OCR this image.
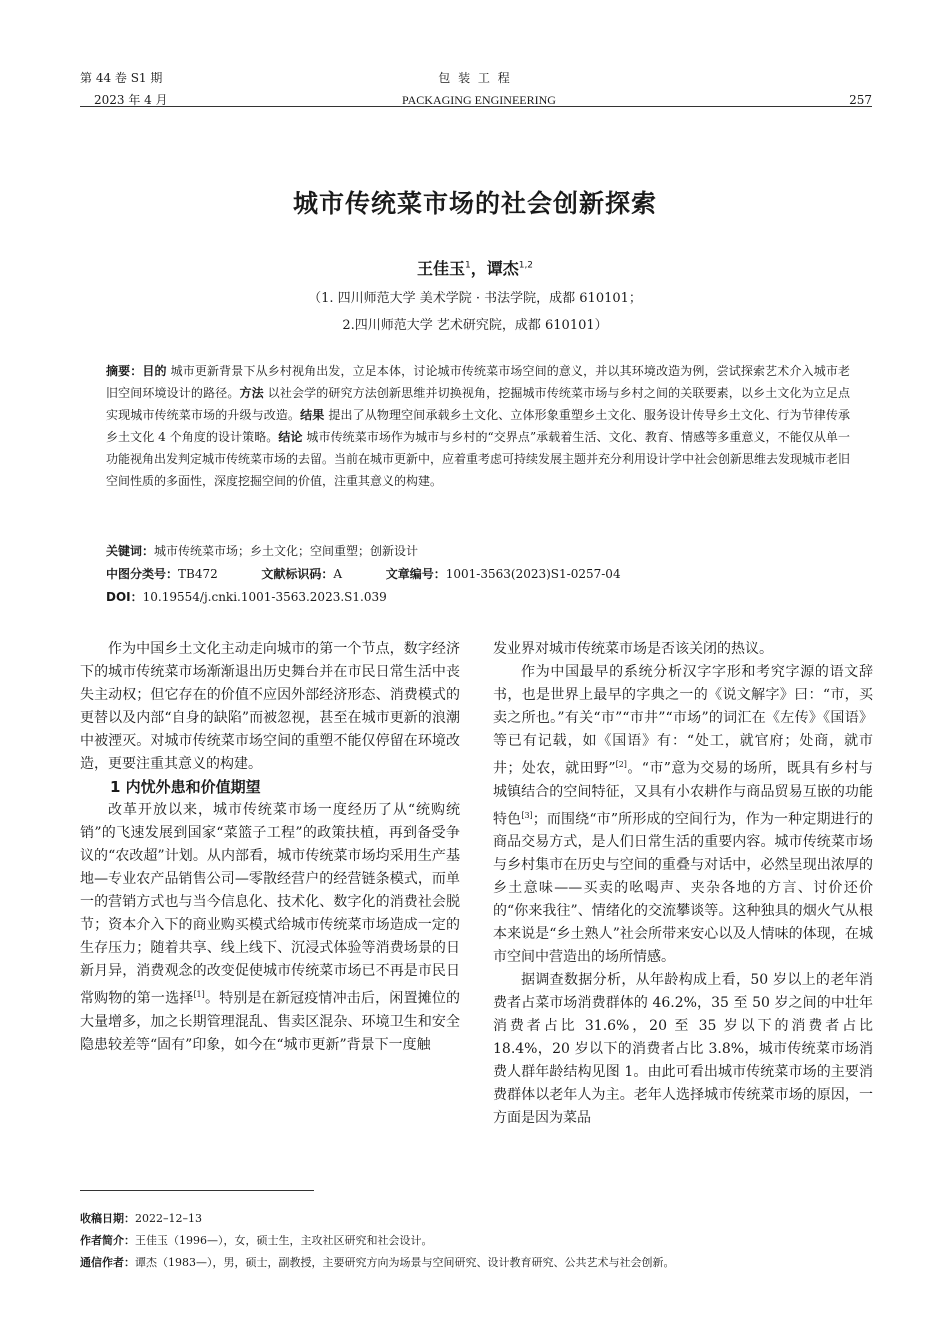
第 44 卷 S1 期
2023 年 4 月
包 装 工 程
PACKAGING ENGINEERING	257
城市传统菜市场的社会创新探索
王佳玉$^1$，谭杰$^{1,2}$
（1. 四川师范大学 美术学院 · 书法学院，成都 610101；
2.四川师范大学 艺术研究院，成都 610101）
摘要：目的 城市更新背景下从乡村视角出发，立足本体，讨论城市传统菜市场空间的意义，并以其环境改造为例，尝试探索艺术介入城市老旧空间环境设计的路径。方法 以社会学的研究方法创新思维并切换视角，挖掘城市传统菜市场与乡村之间的关联要素，以乡土文化为立足点实现城市传统菜市场的升级与改造。结果 提出了从物理空间承载乡土文化、立体形象重塑乡土文化、服务设计传导乡土文化、行为节律传承乡土文化 4 个角度的设计策略。结论 城市传统菜市场作为城市与乡村的“交界点”承载着生活、文化、教育、情感等多重意义，不能仅从单一功能视角出发判定城市传统菜市场的去留。当前在城市更新中，应着重考虑可持续发展主题并充分利用设计学中社会创新思维去发现城市老旧空间性质的多面性，深度挖掘空间的价值，注重其意义的构建。
关键词：城市传统菜市场；乡土文化；空间重塑；创新设计
中图分类号：TB472	文献标识码：A	文章编号：1001-3563(2023)S1-0257-04
DOI：10.19554/j.cnki.1001-3563.2023.S1.039

作为中国乡土文化主动走向城市的第一个节点，数字经济下的城市传统菜市场渐渐退出历史舞台并在市民日常生活中丧失主动权；但它存在的价值不应因外部经济形态、消费模式的更替以及内部“自身的缺陷”而被忽视，甚至在城市更新的浪潮中被湮灭。对城市传统菜市场空间的重塑不能仅停留在环境改造，更要注重其意义的构建。

1 内忧外患和价值期望

改革开放以来，城市传统菜市场一度经历了从“统购统销”的飞速发展到国家“菜篮子工程”的政策扶植，再到备受争议的“农改超”计划。从内部看，城市传统菜市场均采用生产基地—专业农产品销售公司—零散经营户的经营链条模式，而单一的营销方式也与当今信息化、技术化、数字化的消费社会脱节；资本介入下的商业购买模式给城市传统菜市场造成一定的生存压力；随着共享、线上线下、沉浸式体验等消费场景的日新月异，消费观念的改变促使城市传统菜市场已不再是市民日常购物的第一选择[1]。特别是在新冠疫情冲击后，闲置摊位的大量增多，加之长期管理混乱、售卖区混杂、环境卫生和安全隐患较差等“固有”印象，如今在“城市更新”背景下一度触

发业界对城市传统菜市场是否该关闭的热议。

作为中国最早的系统分析汉字字形和考究字源的语文辞书，也是世界上最早的字典之一的《说文解字》曰：“市，买卖之所也。”有关“市”“市井”“市场”的词汇在《左传》《国语》等已有记载，如《国语》有：“处工，就官府；处商，就市井；处农，就田野”[2]。“市”意为交易的场所，既具有乡村与城镇结合的空间特征，又具有小农耕作与商品贸易互嵌的功能特色[3]；而围绕“市”所形成的空间行为，作为一种定期进行的商品交易方式，是人们日常生活的重要内容。城市传统菜市场与乡村集市在历史与空间的重叠与对话中，必然呈现出浓厚的乡土意味——买卖的吆喝声、夹杂各地的方言、讨价还价的“你来我往”、情绪化的交流攀谈等。这种独具的烟火气从根本来说是“乡土熟人”社会所带来安心以及人情味的体现，在城市空间中营造出的场所情感。

据调查数据分析，从年龄构成上看，50 岁以上的老年消费者占菜市场消费群体的 46.2%，35 至 50 岁之间的中壮年消费者占比 31.6%，20 至 35 岁以下的消费者占比 18.4%，20 岁以下的消费者占比 3.8%，城市传统菜市场消费人群年龄结构见图 1。由此可看出城市传统菜市场的主要消费群体以老年人为主。老年人选择城市传统菜市场的原因，一方面是因为菜品

收稿日期：2022–12–13
作者简介：王佳玉（1996—），女，硕士生，主攻社区研究和社会设计。
通信作者：谭杰（1983—），男，硕士，副教授，主要研究方向为场景与空间研究、设计教育研究、公共艺术与社会创新。
